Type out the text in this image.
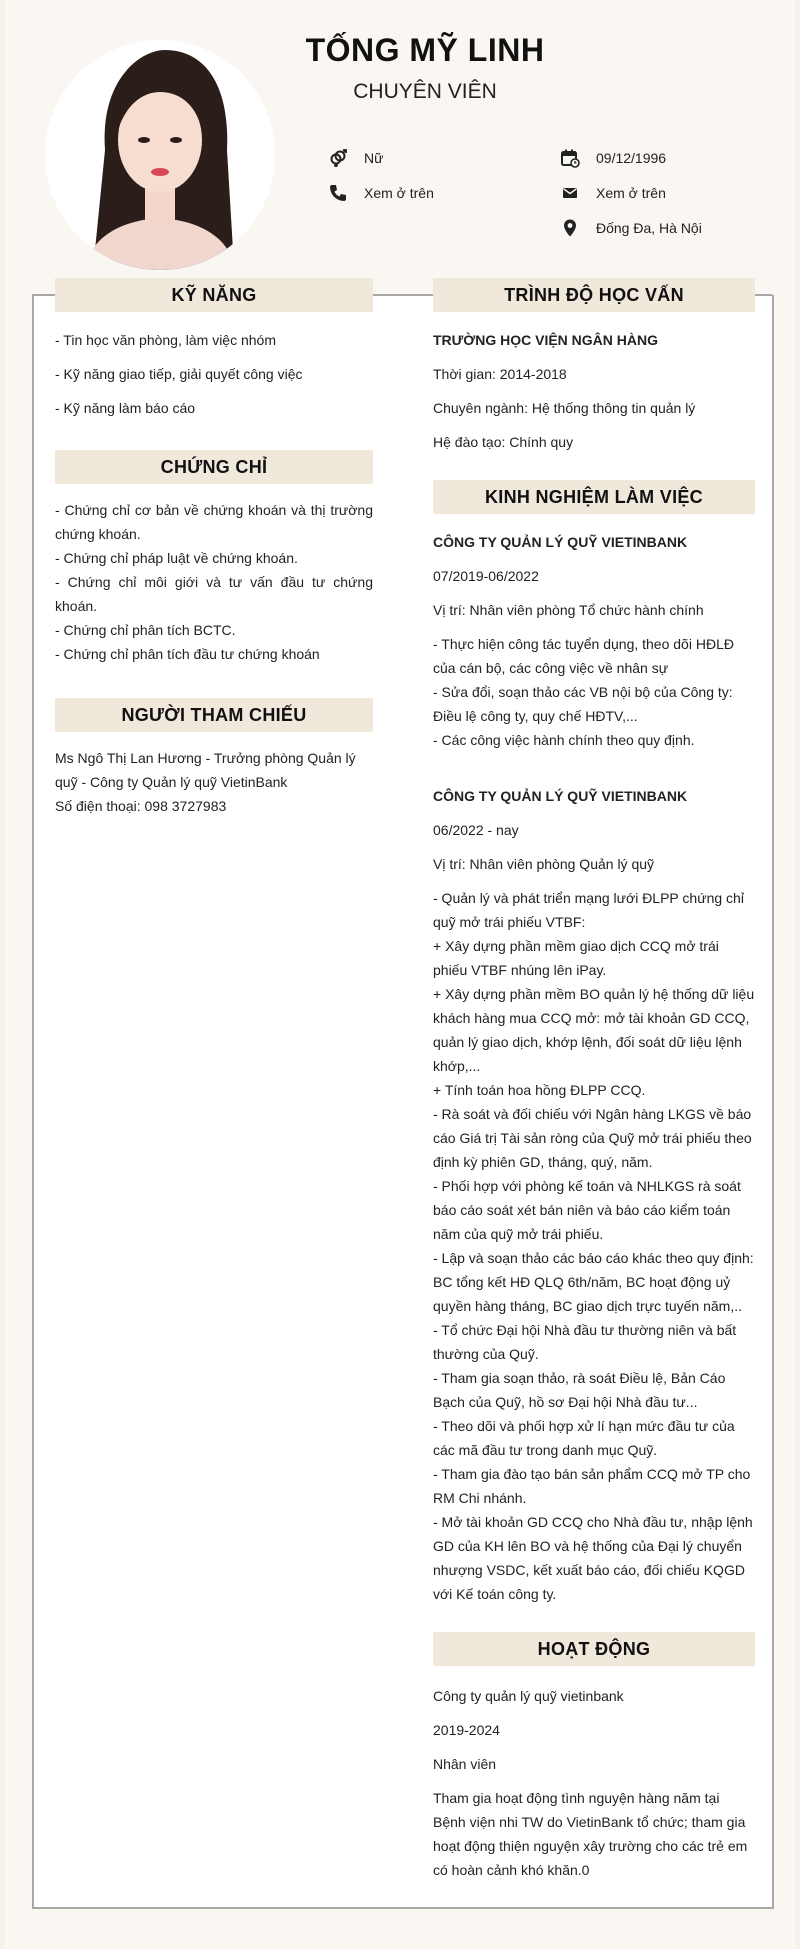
TỐNG MỸ LINH
CHUYÊN VIÊN
Nữ	09/12/1996
Xem ở trên	Xem ở trên
Đống Đa, Hà Nội
KỸ NĂNG

- Tin học văn phòng, làm việc nhóm

- Kỹ năng giao tiếp, giải quyết công việc

- Kỹ năng làm báo cáo

CHỨNG CHỈ

- Chứng chỉ cơ bản về chứng khoán và thị trường chứng khoán.

- Chứng chỉ pháp luật về chứng khoán.

- Chứng chỉ môi giới và tư vấn đầu tư chứng khoán.

- Chứng chỉ phân tích BCTC.

- Chứng chỉ phân tích đầu tư chứng khoán

NGƯỜI THAM CHIẾU

Ms Ngô Thị Lan Hương - Trưởng phòng Quản lý quỹ - Công ty Quản lý quỹ VietinBank

Số điện thoại: 098 3727983

TRÌNH ĐỘ HỌC VẤN

TRƯỜNG HỌC VIỆN NGÂN HÀNG

Thời gian: 2014-2018

Chuyên ngành: Hệ thống thông tin quản lý

Hệ đào tạo: Chính quy

KINH NGHIỆM LÀM VIỆC

CÔNG TY QUẢN LÝ QUỸ VIETINBANK

07/2019-06/2022

Vị trí: Nhân viên phòng Tổ chức hành chính

- Thực hiện công tác tuyển dụng, theo dõi HĐLĐ của cán bộ, các công việc về nhân sự

- Sửa đổi, soạn thảo các VB nội bộ của Công ty: Điều lệ công ty, quy chế HĐTV,...

- Các công việc hành chính theo quy định.

CÔNG TY QUẢN LÝ QUỸ VIETINBANK

06/2022 - nay

Vị trí: Nhân viên phòng Quản lý quỹ

- Quản lý và phát triển mạng lưới ĐLPP chứng chỉ quỹ mở trái phiếu VTBF:

+ Xây dựng phần mềm giao dịch CCQ mở trái phiếu VTBF nhúng lên iPay.

+ Xây dựng phần mềm BO quản lý hệ thống dữ liệu khách hàng mua CCQ mở: mở tài khoản GD CCQ, quản lý giao dịch, khớp lệnh, đối soát dữ liệu lệnh khớp,...

+ Tính toán hoa hồng ĐLPP CCQ.

- Rà soát và đối chiếu với Ngân hàng LKGS về báo cáo Giá trị Tài sản ròng của Quỹ mở trái phiếu theo định kỳ phiên GD, tháng, quý, năm.

- Phối hợp với phòng kế toán và NHLKGS rà soát báo cáo soát xét bán niên và báo cáo kiểm toán năm của quỹ mở trái phiếu.

- Lập và soạn thảo các báo cáo khác theo quy định: BC tổng kết HĐ QLQ 6th/năm, BC hoạt động uỷ quyền hàng tháng, BC giao dịch trực tuyến năm,..

- Tổ chức Đại hội Nhà đầu tư thường niên và bất thường của Quỹ.

- Tham gia soạn thảo, rà soát Điều lệ, Bản Cáo Bạch của Quỹ, hồ sơ Đại hội Nhà đầu tư...

- Theo dõi và phối hợp xử lí hạn mức đầu tư của các mã đầu tư trong danh mục Quỹ.

- Tham gia đào tạo bán sản phẩm CCQ mở TP cho RM Chi nhánh.

- Mở tài khoản GD CCQ cho Nhà đầu tư, nhập lệnh GD của KH lên BO và hệ thống của Đại lý chuyển nhượng VSDC, kết xuất báo cáo, đối chiếu KQGD với Kế toán công ty.

HOẠT ĐỘNG

Công ty quản lý quỹ vietinbank

2019-2024

Nhân viên

Tham gia hoạt động tình nguyện hàng năm tại Bệnh viện nhi TW do VietinBank tổ chức; tham gia hoạt động thiện nguyện xây trường cho các trẻ em có hoàn cảnh khó khăn.0
